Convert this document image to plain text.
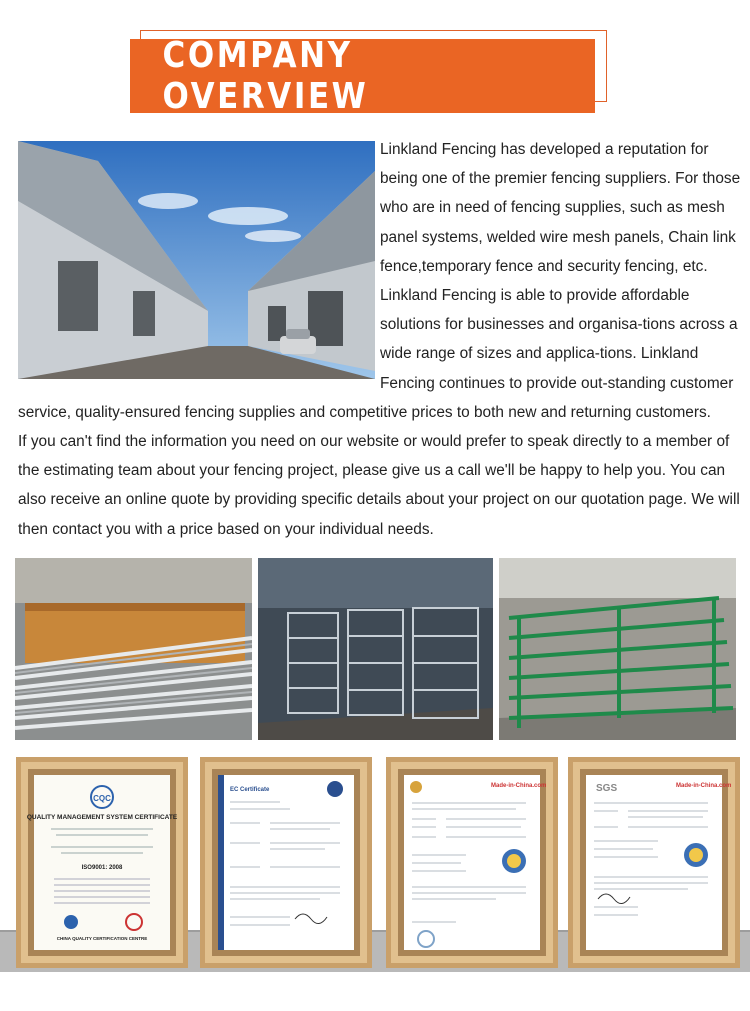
COMPANY OVERVIEW

Linkland Fencing has developed a reputation for being one of the premier fencing suppliers. For those who are in need of fencing supplies, such as mesh panel systems, welded wire mesh panels, Chain link fence,temporary fence and security fencing, etc. Linkland Fencing is able to provide affordable solutions for businesses and organisa-tions across a wide range of sizes and applica-tions. Linkland Fencing continues to provide out-standing customer service, quality-ensured fencing supplies and competitive prices to both new and returning customers.

If you can't find the information you need on our website or would prefer to speak directly to a member of the estimating team about your fencing project, please give us a call we'll be happy to help you. You can also receive an online quote by providing specific details about your project on our quotation page. We will then contact you with a price based on your individual needs.

CQC
QUALITY MANAGEMENT SYSTEM CERTIFICATE
ISO9001: 2008
CHINA QUALITY CERTIFICATION CENTRE
EC Certificate
Made-in-China.com	SGS	Made-in-China.com
